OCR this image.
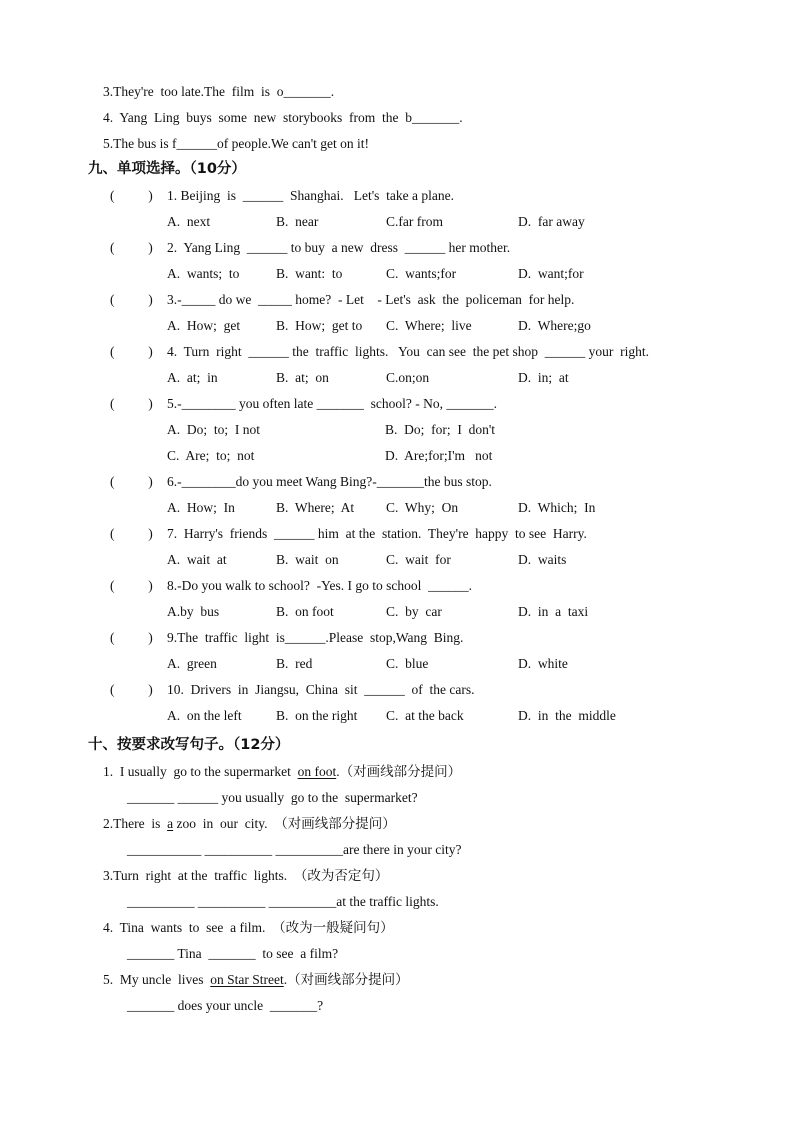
3.They're  too late.The  film  is  o_______.
4.  Yang  Ling  buys  some  new  storybooks  from  the  b_______.
5.The bus is f______of people.We can't get on it!
九、单项选择。（10分）
(          ) 1. Beijing  is  ______  Shanghai.   Let's  take a plane.
A.  next	B.  near	C.far from	D.  far away
(          ) 2.  Yang Ling  ______ to buy  a new  dress  ______ her mother.
A.  wants;  to	B.  want:  to	C.  wants;for	D.  want;for
(          ) 3.-_____ do we  _____ home?  - Let    - Let's  ask  the  policeman  for help.
A.  How;  get	B.  How;  get to C.  Where;  live	D.  Where;go
(          ) 4.  Turn  right  ______ the  traffic  lights.   You  can see  the pet shop  ______ your  right.
A.  at;  in	B.  at;  on	C.on;on	D.  in;  at
(          ) 5.-________ you often late _______  school? - No, _______.
A.  Do;  to;  I not	B.  Do;  for;  I  don't
C.  Are;  to;  not	D.  Are;for;I'm   not
(          ) 6.-________do you meet Wang Bing?-_______the bus stop.
A.  How;  In	B.  Where;  At C.  Why;  On	D.  Which;  In
(          ) 7.  Harry's  friends  ______ him  at the  station.  They're  happy  to see  Harry.
A.  wait  at	B.  wait  on	C.  wait  for	D.  waits
(          ) 8.-Do you walk to school?  -Yes. I go to school  ______.
A.by  bus	B.  on foot	C.  by  car	D.  in  a  taxi
(          ) 9.The  traffic  light  is______.Please  stop,Wang  Bing.
A.  green	B.  red	C.  blue	D.  white
(          ) 10.  Drivers  in  Jiangsu,  China  sit  ______  of  the cars.
A.  on the left	B.  on the right C.  at the back	D.  in  the  middle
十、按要求改写句子。（12分）
1.  I usually  go to the supermarket  on foot.（对画线部分提问）
_______ ______ you usually  go to the  supermarket?
2.There  is  a zoo  in  our  city.  （对画线部分提问）
___________ __________ __________are there in your city?
3.Turn  right  at the  traffic  lights.  （改为否定句）
__________ __________ __________at the traffic lights.
4.  Tina  wants  to  see  a film.  （改为一般疑问句）
_______ Tina  _______  to see  a film?
5.  My uncle  lives  on Star Street.（对画线部分提问）
_______ does your uncle  _______?
